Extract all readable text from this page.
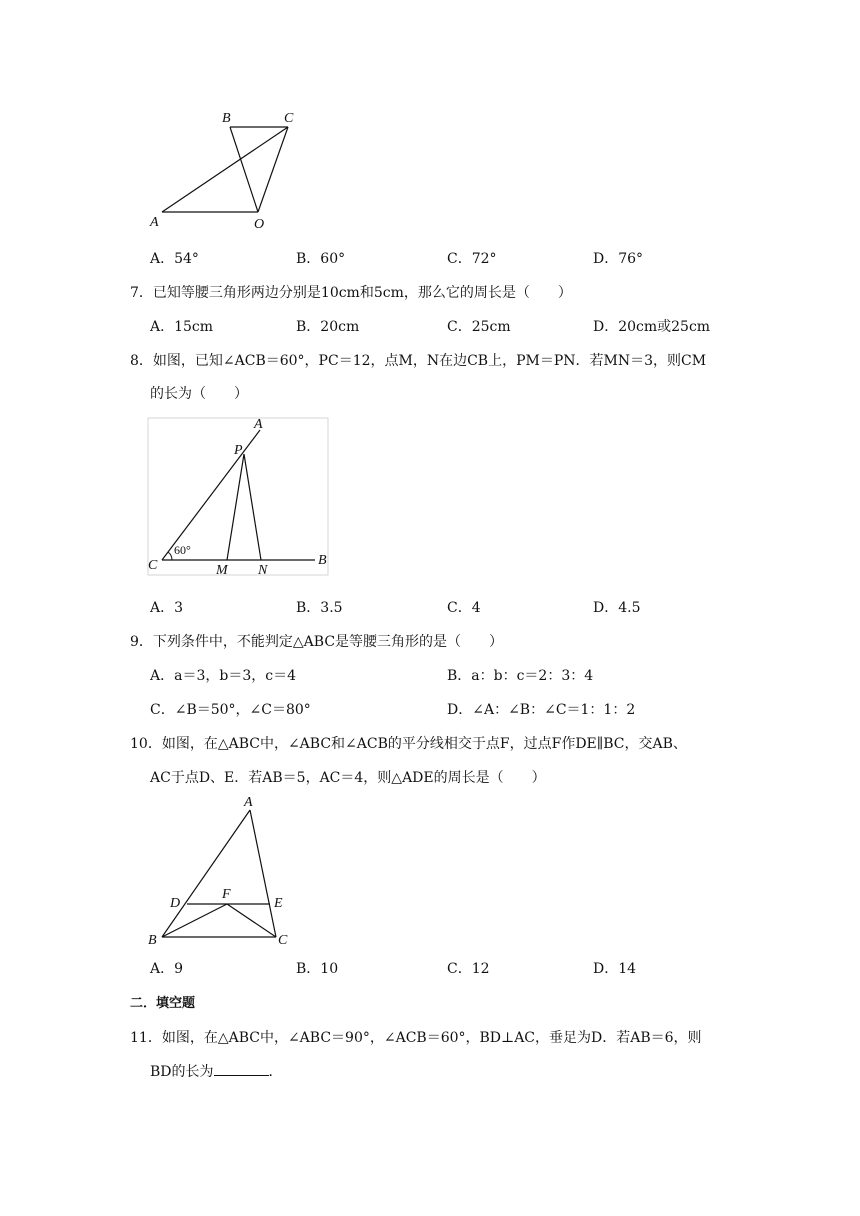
B	C
A	O
A．54°	B．60°	C．72°	D．76°
7．已知等腰三角形两边分别是10cm和5cm，那么它的周长是（　　）
A．15cm	B．20cm	C．25cm	D．20cm或25cm
8．如图，已知∠ACB＝60°，PC＝12，点M，N在边CB上，PM＝PN．若MN＝3，则CM
的长为（　　）
A
P
C	M N
B
60°
A．3	B．3.5	C．4	D．4.5
9．下列条件中，不能判定△ABC是等腰三角形的是（　　）
A．a＝3，b＝3，c＝4	B．a：b：c＝2：3：4
C．∠B＝50°，∠C＝80°	D．∠A：∠B：∠C＝1：1：2
10．如图，在△ABC中，∠ABC和∠ACB的平分线相交于点F，过点F作DE∥BC，交AB、
AC于点D、E．若AB＝5，AC＝4，则△ADE的周长是（　　）
A
D
F
E
B	C
A．9	B．10	C．12	D．14
二．填空题
11．如图，在△ABC中，∠ABC＝90°，∠ACB＝60°，BD⊥AC，垂足为D．若AB＝6，则
BD的长为	．
